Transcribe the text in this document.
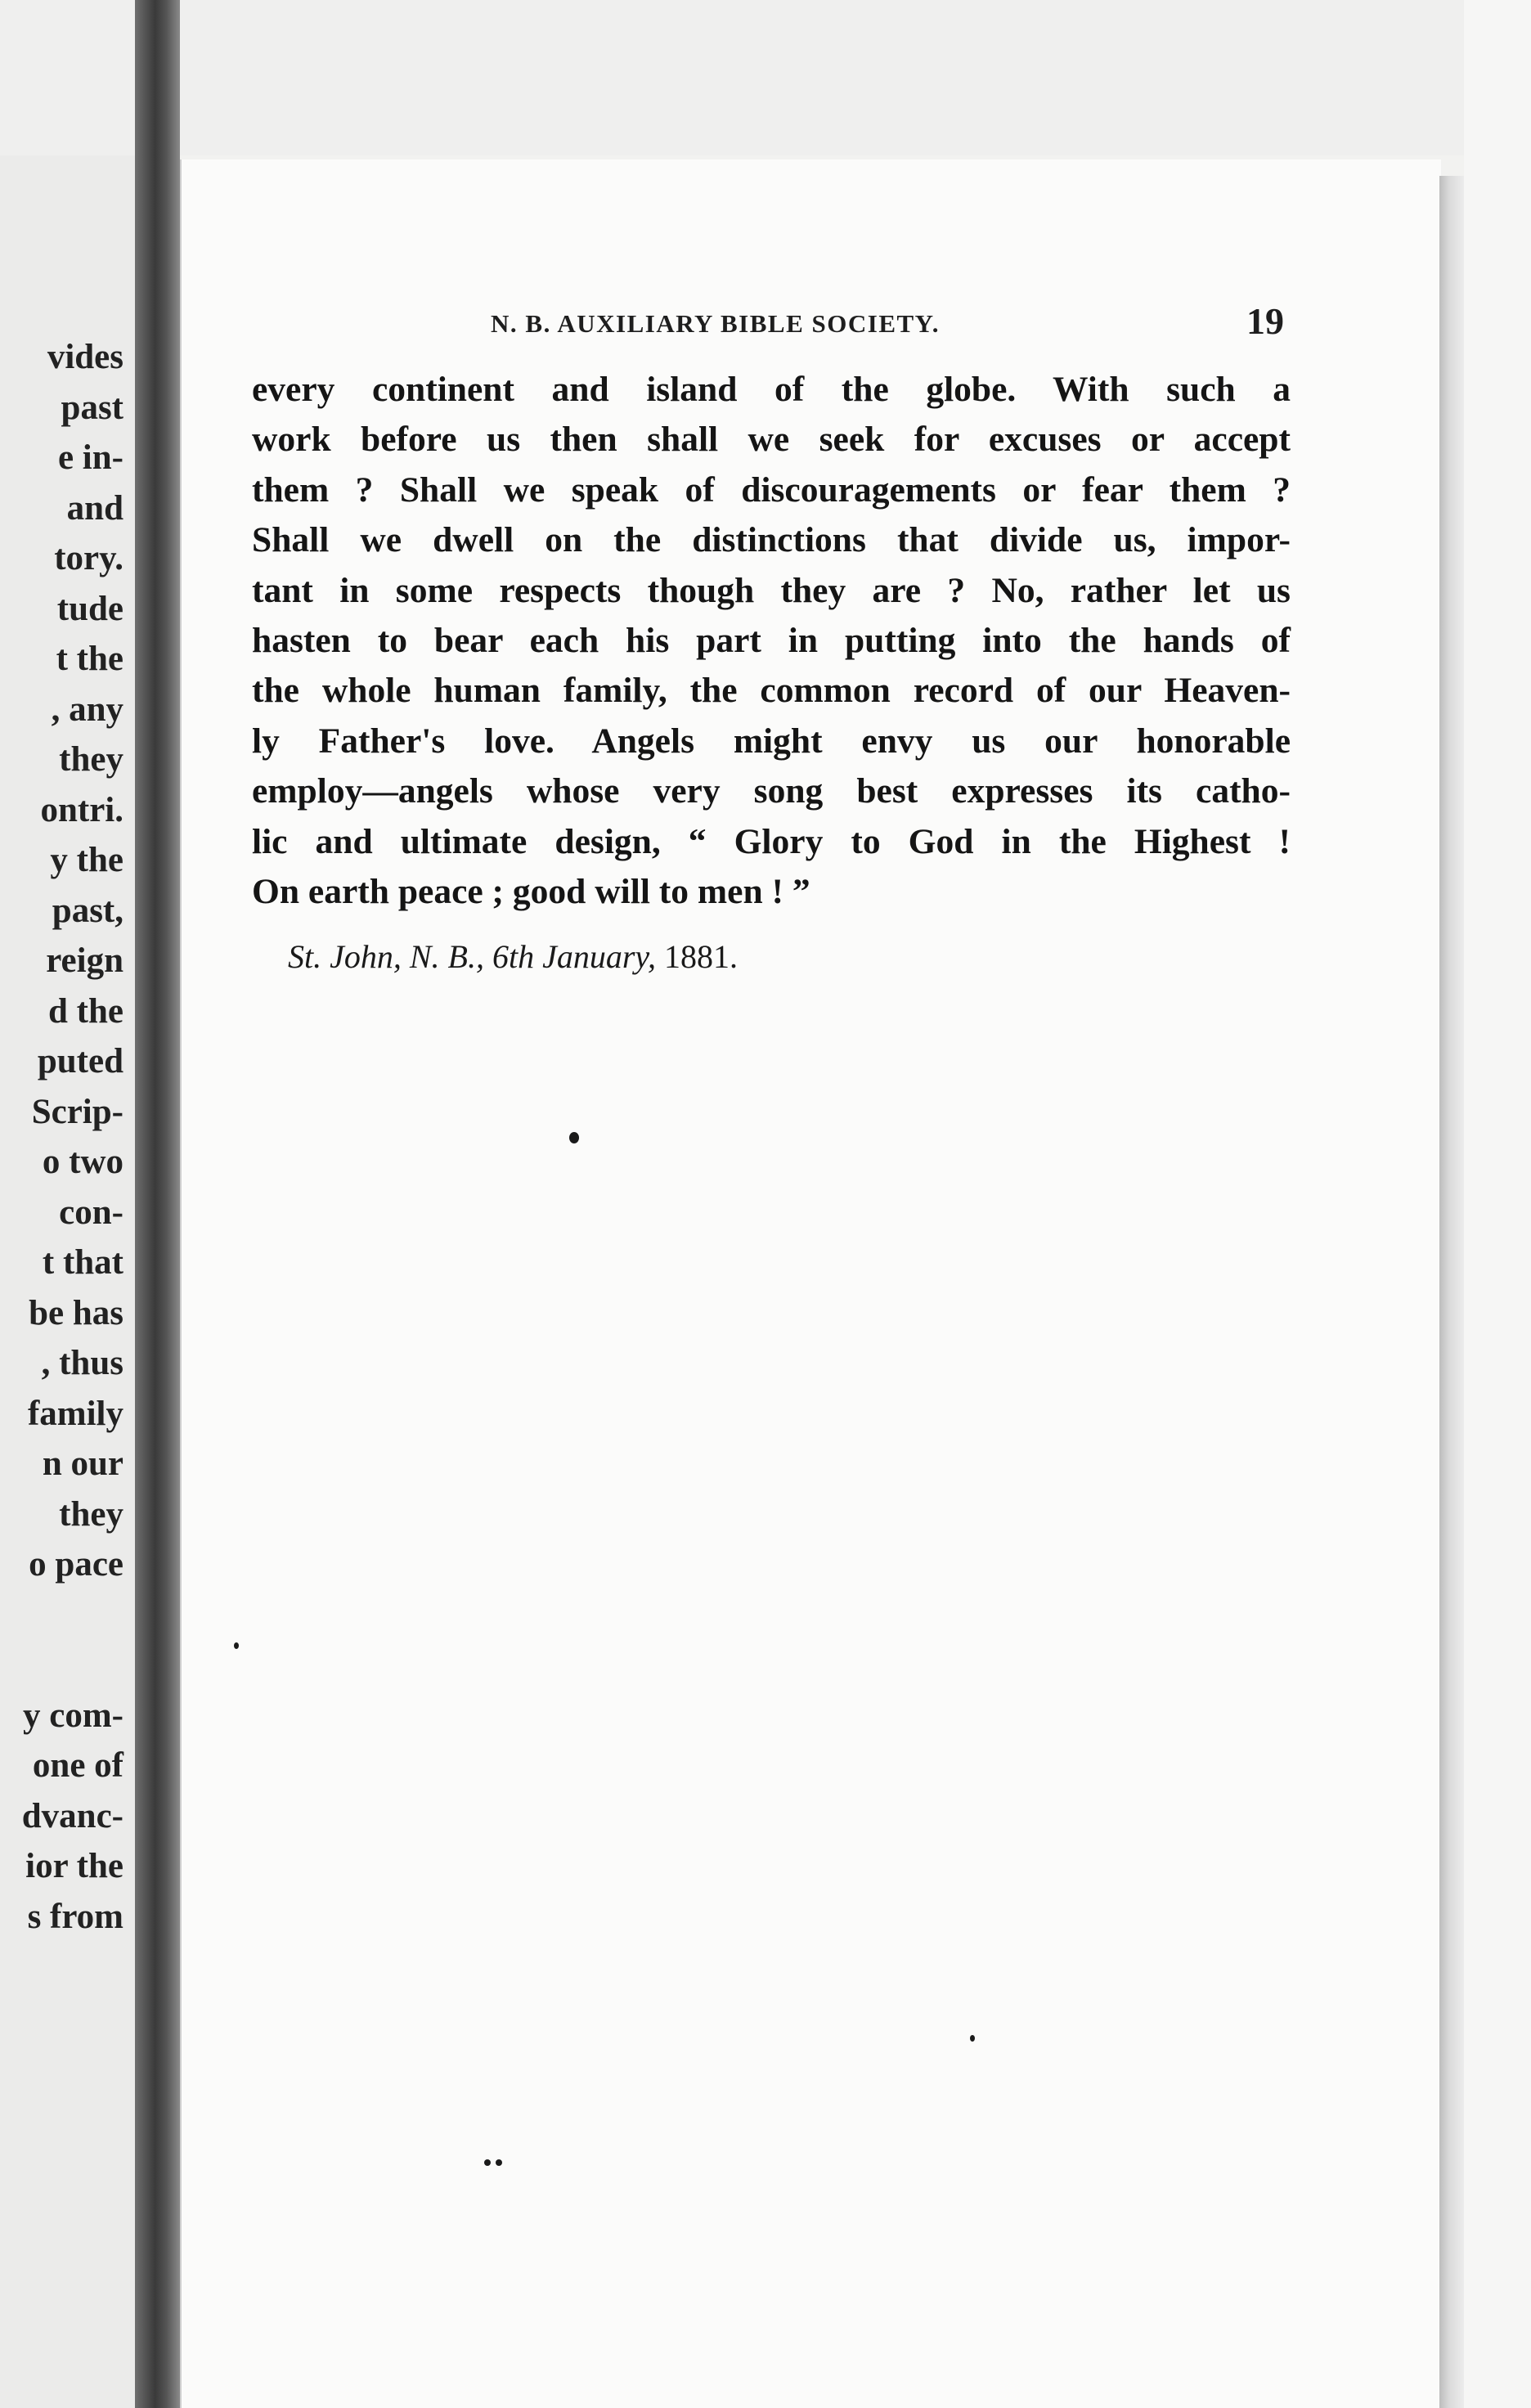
vides
past
e in-
and
tory.
tude
t the
, any
they
ontri.
y the
past,
reign
d the
puted
Scrip-
o two
con-
t that
be has
, thus
family
n our
they
o pace

y com-
one of
dvanc-
ior the
s from
N. B. AUXILIARY BIBLE SOCIETY.	19
every continent and island of the globe. With such a
work before us then shall we seek for excuses or accept
them ? Shall we speak of discouragements or fear them ?
Shall we dwell on the distinctions that divide us, impor-
tant in some respects though they are ? No, rather let us
hasten to bear each his part in putting into the hands of
the whole human family, the common record of our Heaven-
ly Father's love. Angels might envy us our honorable
employ—angels whose very song best expresses its catho-
lic and ultimate design, “ Glory to God in the Highest !
On earth peace ; good will to men ! ”
St. John, N. B., 6th January, 1881.
